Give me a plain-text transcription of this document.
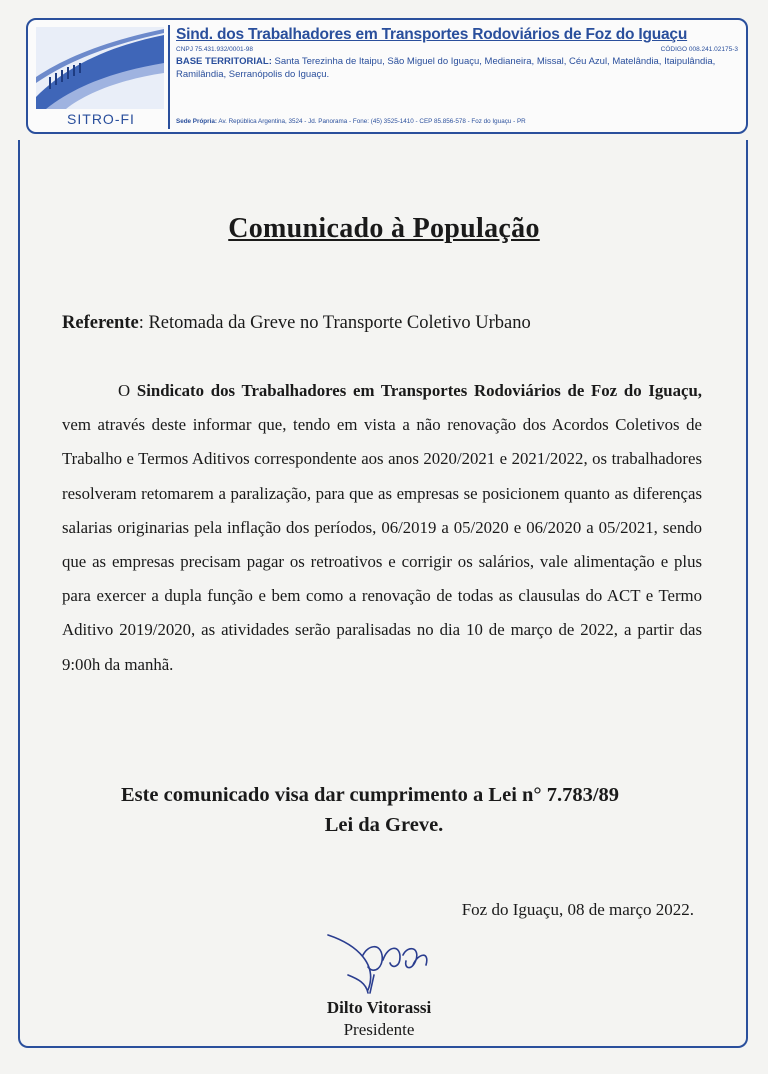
SITRO-FI
Sind. dos Trabalhadores em Transportes Rodoviários de Foz do Iguaçu
CNPJ 75.431.932/0001-98	CÓDIGO 008.241.02175-3
BASE TERRITORIAL: Santa Terezinha de Itaipu, São Miguel do Iguaçu, Medianeira, Missal, Céu Azul, Matelândia, Itaipulândia, Ramilândia, Serranópolis do Iguaçu.
Sede Própria: Av. República Argentina, 3524 - Jd. Panorama - Fone: (45) 3525-1410 - CEP 85.856-578 - Foz do Iguaçu - PR
Comunicado à População
Referente: Retomada da Greve no Transporte Coletivo Urbano

O Sindicato dos Trabalhadores em Transportes Rodoviários de Foz do Iguaçu, vem através deste informar que, tendo em vista a não renovação dos Acordos Coletivos de Trabalho e Termos Aditivos correspondente aos anos 2020/2021 e 2021/2022, os trabalhadores resolveram retomarem a paralização, para que as empresas se posicionem quanto as diferenças salarias originarias pela inflação dos períodos, 06/2019 a 05/2020 e 06/2020 a 05/2021, sendo que as empresas precisam pagar os retroativos e corrigir os salários, vale alimentação e plus para exercer a dupla função e bem como a renovação de todas as clausulas do ACT e Termo Aditivo 2019/2020, as atividades serão paralisadas no dia 10 de março de 2022, a partir das 9:00h da manhã.

Este comunicado visa dar cumprimento a Lei n° 7.783/89
Lei da Greve.
Foz do Iguaçu, 08 de março 2022.
Dilto Vitorassi
Presidente
